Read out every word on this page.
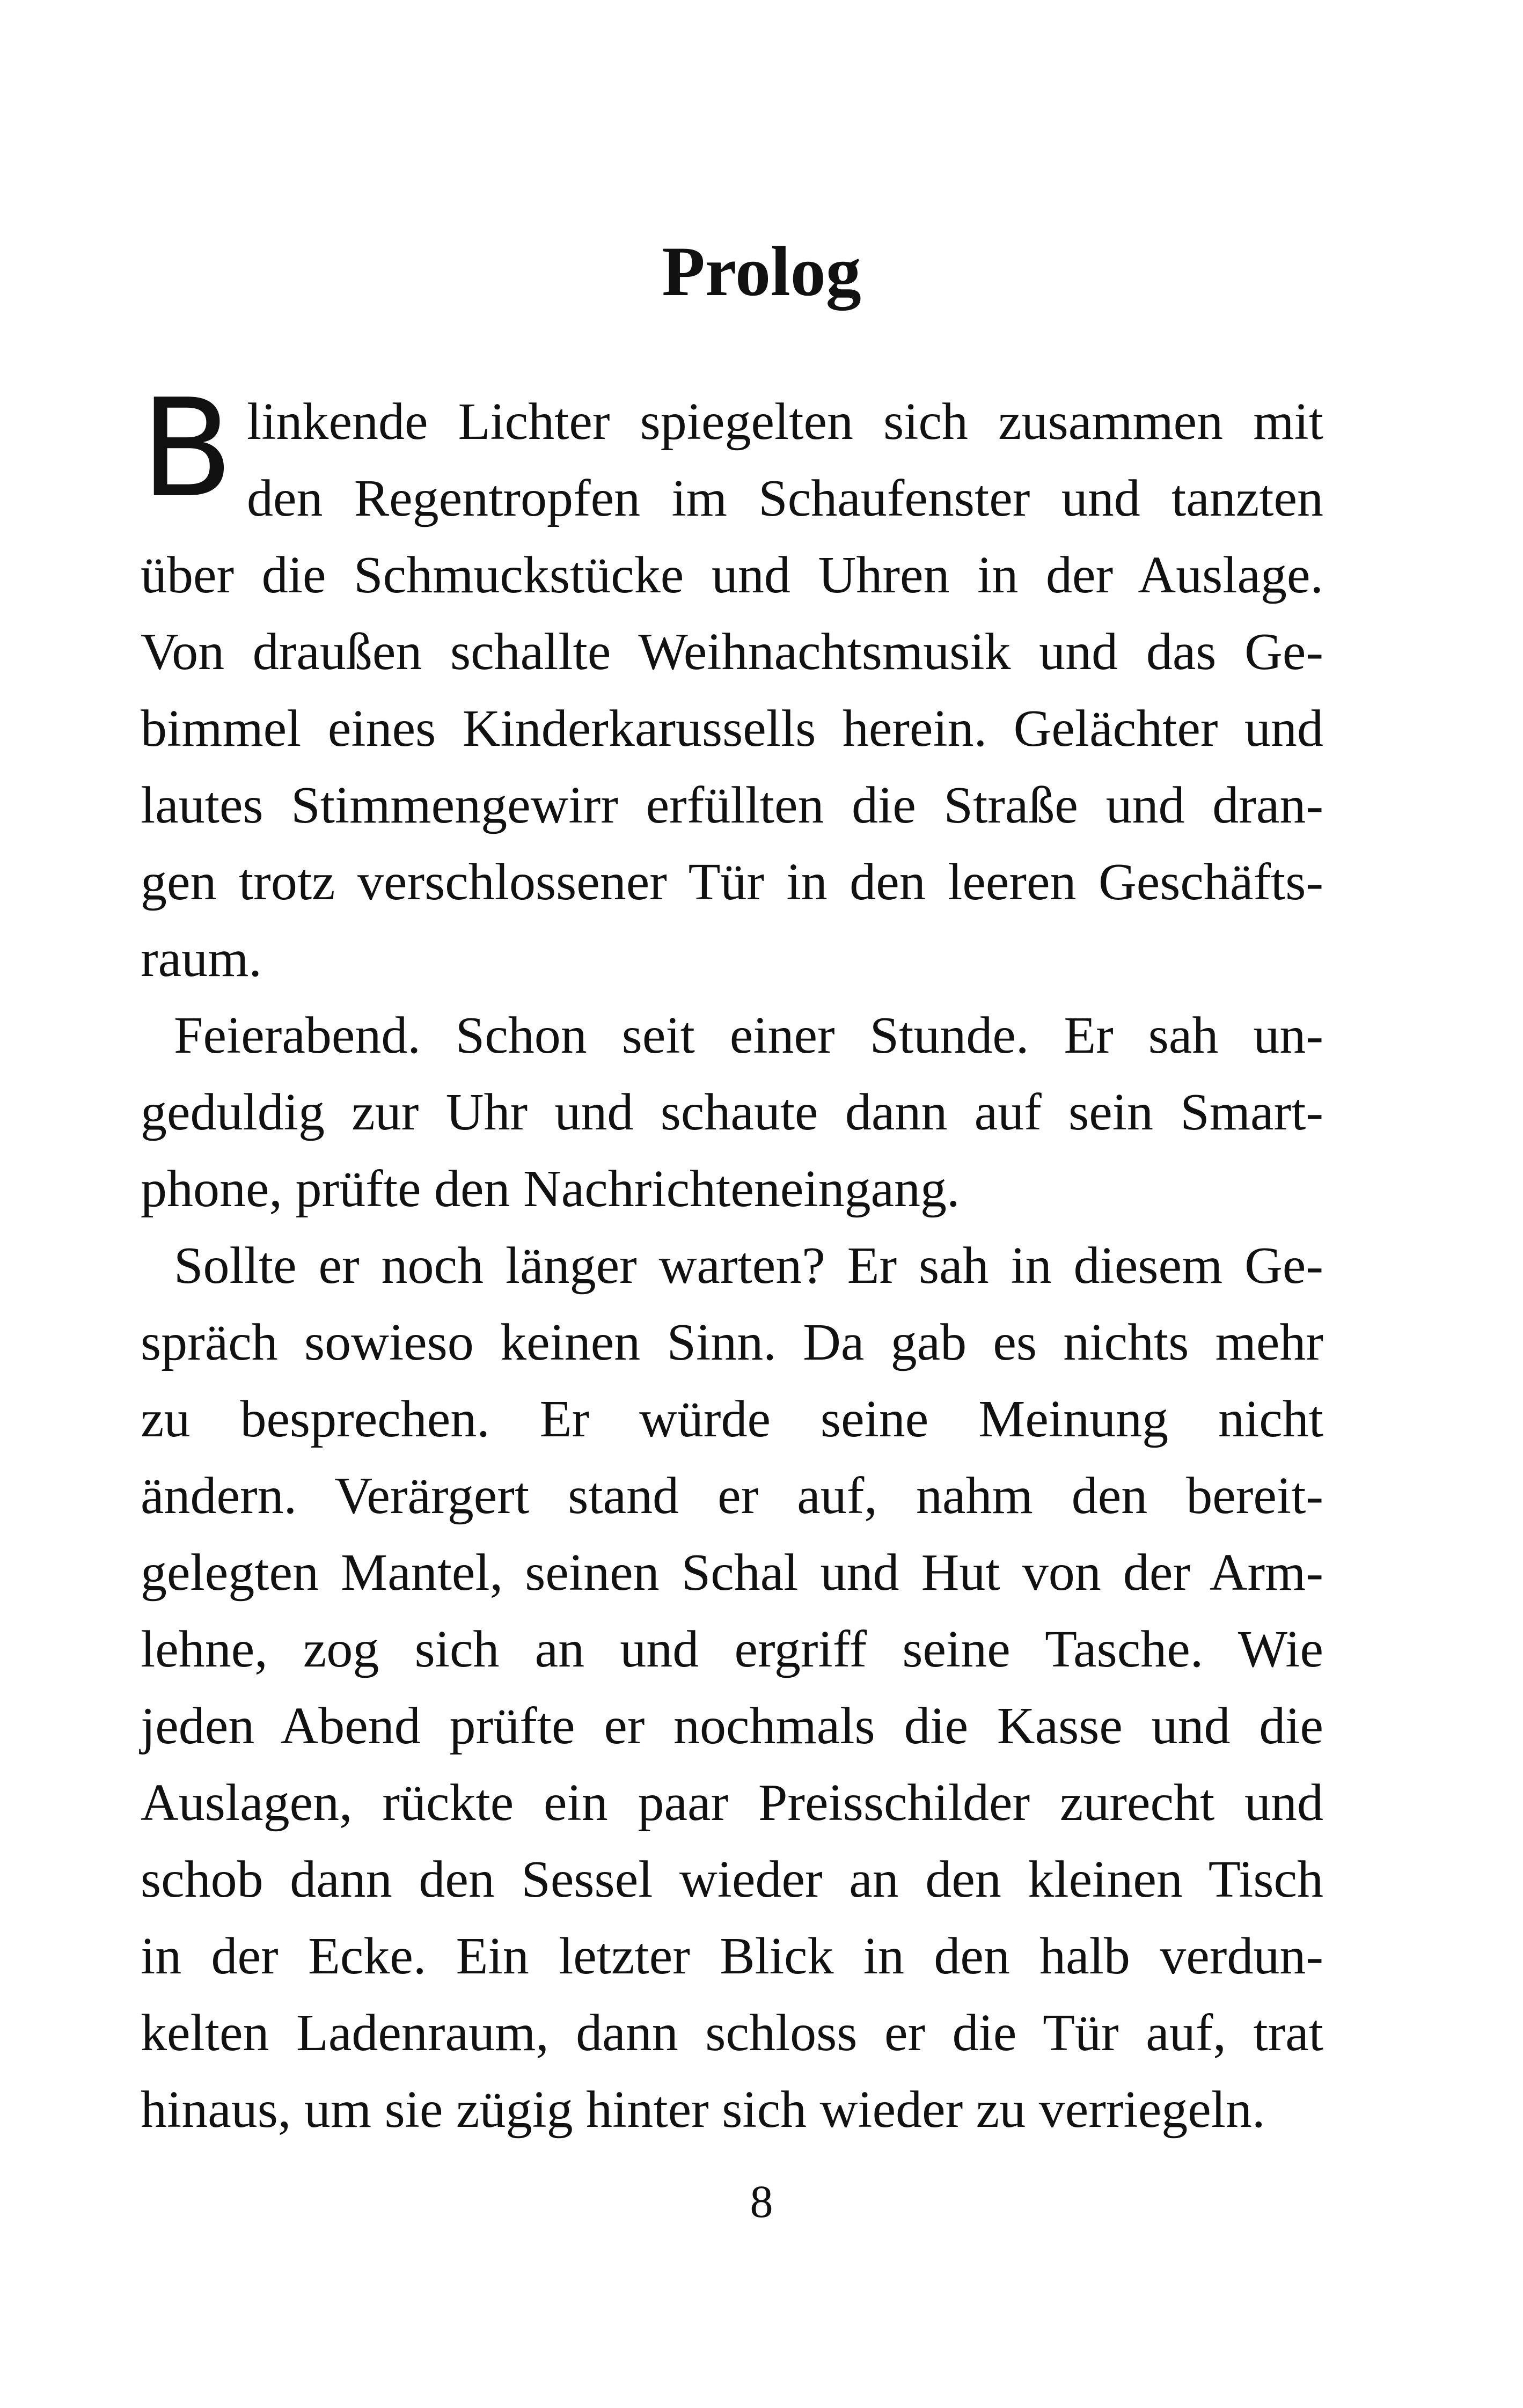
Prolog
B linkende Lichter spiegelten sich zusammen mit
den Regentropfen im Schaufenster und tanzten
über die Schmuckstücke und Uhren in der Auslage.
Von draußen schallte Weihnachtsmusik und das Ge-
bimmel eines Kinderkarussells herein. Gelächter und
lautes Stimmengewirr erfüllten die Straße und dran-
gen trotz verschlossener Tür in den leeren Geschäfts-
raum.
Feierabend. Schon seit einer Stunde. Er sah un-
geduldig zur Uhr und schaute dann auf sein Smart-
phone, prüfte den Nachrichteneingang.
Sollte er noch länger warten? Er sah in diesem Ge-
spräch sowieso keinen Sinn. Da gab es nichts mehr
zu besprechen. Er würde seine Meinung nicht
ändern. Verärgert stand er auf, nahm den bereit-
gelegten Mantel, seinen Schal und Hut von der Arm-
lehne, zog sich an und ergriff seine Tasche. Wie
jeden Abend prüfte er nochmals die Kasse und die
Auslagen, rückte ein paar Preisschilder zurecht und
schob dann den Sessel wieder an den kleinen Tisch
in der Ecke. Ein letzter Blick in den halb verdun-
kelten Ladenraum, dann schloss er die Tür auf, trat
hinaus, um sie zügig hinter sich wieder zu verriegeln.
8
